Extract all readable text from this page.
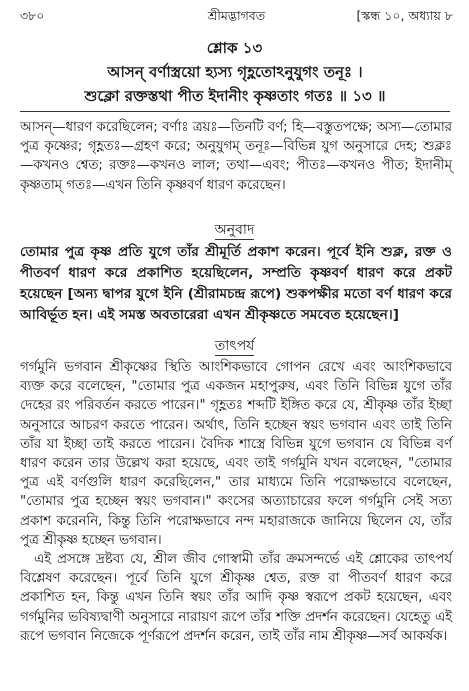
৩৮০	শ্রীমদ্ভাগবত	[স্কন্ধ ১০, অধ্যায় ৮
শ্লোক ১৩
আসন্ বর্ণাস্ত্রয়ো হ্যস্য গৃহ্ণতোঽনুযুগং তনূঃ ।
শুক্লো রক্তস্তথা পীত ইদানীং কৃষ্ণতাং গতঃ ॥ ১৩ ॥
আসন্—ধারণ করেছিলেন; বর্ণাঃ ত্রয়ঃ—তিনটি বর্ণ; হি—বস্তুতপক্ষে; অস্য—তোমার পুত্র কৃষ্ণের; গৃহ্ণতঃ—গ্রহণ করে; অনুযুগম্ তনূঃ—বিভিন্ন যুগ অনুসারে দেহ; শুক্লঃ—কখনও শ্বেত; রক্তঃ—কখনও লাল; তথা—এবং; পীতঃ—কখনও পীত; ইদানীম্ কৃষ্ণতাম্ গতঃ—এখন তিনি কৃষ্ণবর্ণ ধারণ করেছেন।
অনুবাদ
তোমার পুত্র কৃষ্ণ প্রতি যুগে তাঁর শ্রীমূর্তি প্রকাশ করেন। পূর্বে ইনি শুক্ল, রক্ত ও পীতবর্ণ ধারণ করে প্রকাশিত হয়েছিলেন, সম্প্রতি কৃষ্ণবর্ণ ধারণ করে প্রকট হয়েছেন [অন্য দ্বাপর যুগে ইনি (শ্রীরামচন্দ্র রূপে) শুকপক্ষীর মতো বর্ণ ধারণ করে আবির্ভূত হন। এই সমস্ত অবতারেরা এখন শ্রীকৃষ্ণতে সমবেত হয়েছেন।]
তাৎপর্য

গর্গমুনি ভগবান শ্রীকৃষ্ণের স্থিতি আংশিকভাবে গোপন রেখে এবং আংশিকভাবে ব্যক্ত করে বলেছেন, "তোমার পুত্র একজন মহাপুরুষ, এবং তিনি বিভিন্ন যুগে তাঁর দেহের রং পরিবর্তন করতে পারেন।" গৃহ্ণতঃ শব্দটি ইঙ্গিত করে যে, শ্রীকৃষ্ণ তাঁর ইচ্ছা অনুসারে আচরণ করতে পারেন। অর্থাৎ, তিনি হচ্ছেন স্বয়ং ভগবান এবং তাই তিনি তাঁর যা ইচ্ছা তাই করতে পারেন। বৈদিক শাস্ত্রে বিভিন্ন যুগে ভগবান যে বিভিন্ন বর্ণ ধারণ করেন তার উল্লেখ করা হয়েছে, এবং তাই গর্গমুনি যখন বলেছেন, "তোমার পুত্র এই বর্ণগুলি ধারণ করেছিলেন," তার মাধ্যমে তিনি পরোক্ষভাবে বলেছেন, "তোমার পুত্র হচ্ছেন স্বয়ং ভগবান।" কংসের অত্যাচারের ফলে গর্গমুনি সেই সত্য প্রকাশ করেননি, কিন্তু তিনি পরোক্ষভাবে নন্দ মহারাজকে জানিয়ে ছিলেন যে, তাঁর পুত্র শ্রীকৃষ্ণ হচ্ছেন ভগবান।

এই প্রসঙ্গে দ্রষ্টব্য যে, শ্রীল জীব গোস্বামী তাঁর ক্রমসন্দর্ভে এই শ্লোকের তাৎপর্য বিশ্লেষণ করেছেন। পূর্বে তিনি যুগে শ্রীকৃষ্ণ শ্বেত, রক্ত বা পীতবর্ণ ধারণ করে প্রকাশিত হন, কিন্তু এখন তিনি স্বয়ং তাঁর আদি কৃষ্ণ স্বরূপে প্রকট হয়েছেন, এবং গর্গমুনির ভবিষ্যদ্বাণী অনুসারে নারায়ণ রূপে তাঁর শক্তি প্রদর্শন করেছেন। যেহেতু এই রূপে ভগবান নিজেকে পূর্ণরূপে প্রদর্শন করেন, তাই তাঁর নাম শ্রীকৃষ্ণ—সর্ব আকর্ষক।
